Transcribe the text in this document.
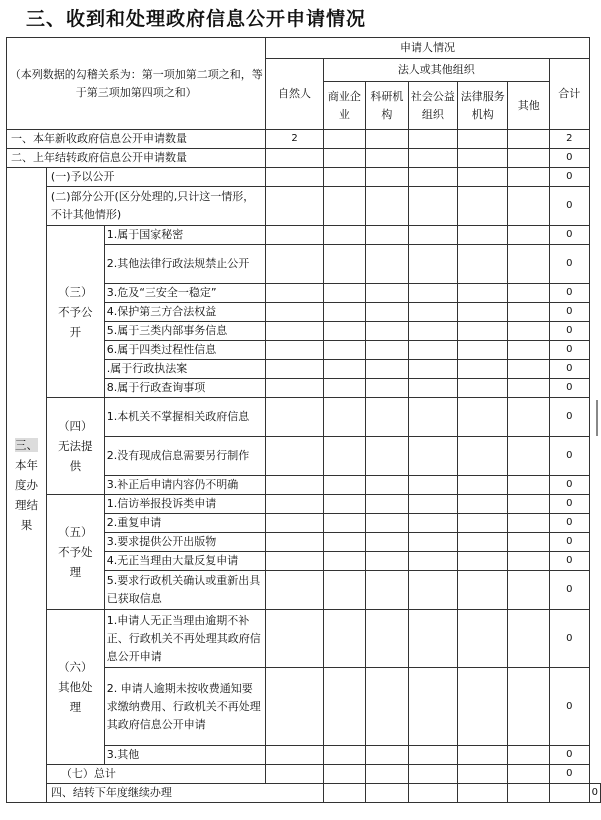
三、收到和处理政府信息公开申请情况
（本列数据的勾稽关系为：第一项加第二项之和，等于第三项加第四项之和）			申请人情况							
			自然人	法人或其他组织					合计	
				商业企业	科研机构	社会公益组织	法律服务机构	其他		

一、本年新收政府信息公开申请数量			2						2	
二、上年结转政府信息公开申请数量									0	
三、
本年度办理结果	(一)予以公开								0	
	(二)部分公开(区分处理的,只计这一情形，不计其他情形)								0	
	（三）不予公开	1.属于国家秘密							0	
		2.其他法律行政法规禁止公开							0	
		3.危及“三安全一稳定”							0	
		4.保护第三方合法权益							0	
		5.属于三类内部事务信息							0	
		6.属于四类过程性信息							0	
		.属于行政执法案							0	
		8.属于行政查询事项							0	
	（四）无法提供	1.本机关不掌握相关政府信息							0	
		2.没有现成信息需要另行制作							0	
		3.补正后申请内容仍不明确							0	
	（五）不予处理	1.信访举报投诉类申请							0	
		2.重复申请							0	
		3.要求提供公开出版物							0	
		4.无正当理由大量反复申请							0	
		5.要求行政机关确认或重新出具已获取信息							0	
	（六）其他处理	1.申请人无正当理由逾期不补正、行政机关不再处理其政府信息公开申请							0	
		2. 申请人逾期未按收费通知要求缴纳费用、行政机关不再处理其政府信息公开申请							0	
		3.其他							0	
	（七）总计								0	
	四、结转下年度继续办理									0
